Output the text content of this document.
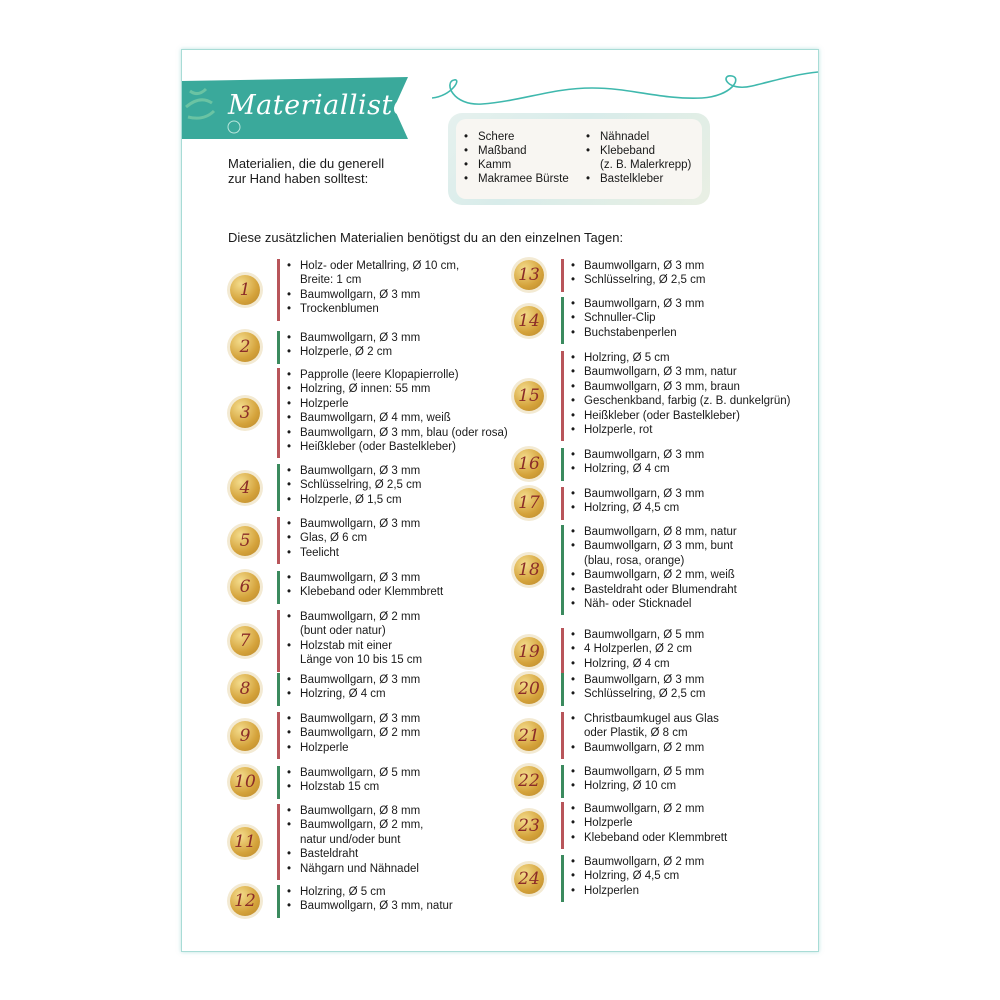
Materialliste
Materialien, die du generell
zur Hand haben solltest:
• Schere
• Maßband
• Kamm
• Makramee Bürste
• Nähnadel
• Klebeband
(z. B. Malerkrepp)
• Bastelkleber
Diese zusätzlichen Materialien benötigst du an den einzelnen Tagen:
1
• Holz- oder Metallring, Ø 10 cm,
Breite: 1 cm
• Baumwollgarn, Ø 3 mm
• Trockenblumen
2	• Baumwollgarn, Ø 3 mm
• Holzperle, Ø 2 cm
3
• Papprolle (leere Klopapierrolle)
• Holzring, Ø innen: 55 mm
• Holzperle
• Baumwollgarn, Ø 4 mm, weiß
• Baumwollgarn, Ø 3 mm, blau (oder rosa)
• Heißkleber (oder Bastelkleber)
4
• Baumwollgarn, Ø 3 mm
• Schlüsselring, Ø 2,5 cm
• Holzperle, Ø 1,5 cm
5
• Baumwollgarn, Ø 3 mm
• Glas, Ø 6 cm
• Teelicht
6	• Baumwollgarn, Ø 3 mm
• Klebeband oder Klemmbrett
7
• Baumwollgarn, Ø 2 mm
(bunt oder natur)
• Holzstab mit einer
Länge von 10 bis 15 cm
8	• Baumwollgarn, Ø 3 mm
• Holzring, Ø 4 cm
9
• Baumwollgarn, Ø 3 mm
• Baumwollgarn, Ø 2 mm
• Holzperle
10	• Baumwollgarn, Ø 5 mm
• Holzstab 15 cm
11
• Baumwollgarn, Ø 8 mm
• Baumwollgarn, Ø 2 mm,
natur und/oder bunt
• Basteldraht
• Nähgarn und Nähnadel
12	• Holzring, Ø 5 cm
• Baumwollgarn, Ø 3 mm, natur
13	• Baumwollgarn, Ø 3 mm
• Schlüsselring, Ø 2,5 cm
14
• Baumwollgarn, Ø 3 mm
• Schnuller-Clip
• Buchstabenperlen
15
• Holzring, Ø 5 cm
• Baumwollgarn, Ø 3 mm, natur
• Baumwollgarn, Ø 3 mm, braun
• Geschenkband, farbig (z. B. dunkelgrün)
• Heißkleber (oder Bastelkleber)
• Holzperle, rot
16	• Baumwollgarn, Ø 3 mm
• Holzring, Ø 4 cm
17	• Baumwollgarn, Ø 3 mm
• Holzring, Ø 4,5 cm
18
• Baumwollgarn, Ø 8 mm, natur
• Baumwollgarn, Ø 3 mm, bunt
(blau, rosa, orange)
• Baumwollgarn, Ø 2 mm, weiß
• Basteldraht oder Blumendraht
• Näh- oder Sticknadel
19
• Baumwollgarn, Ø 5 mm
• 4 Holzperlen, Ø 2 cm
• Holzring, Ø 4 cm
20	• Baumwollgarn, Ø 3 mm
• Schlüsselring, Ø 2,5 cm
21
• Christbaumkugel aus Glas
oder Plastik, Ø 8 cm
• Baumwollgarn, Ø 2 mm
22	• Baumwollgarn, Ø 5 mm
• Holzring, Ø 10 cm
23
• Baumwollgarn, Ø 2 mm
• Holzperle
• Klebeband oder Klemmbrett
24
• Baumwollgarn, Ø 2 mm
• Holzring, Ø 4,5 cm
• Holzperlen
